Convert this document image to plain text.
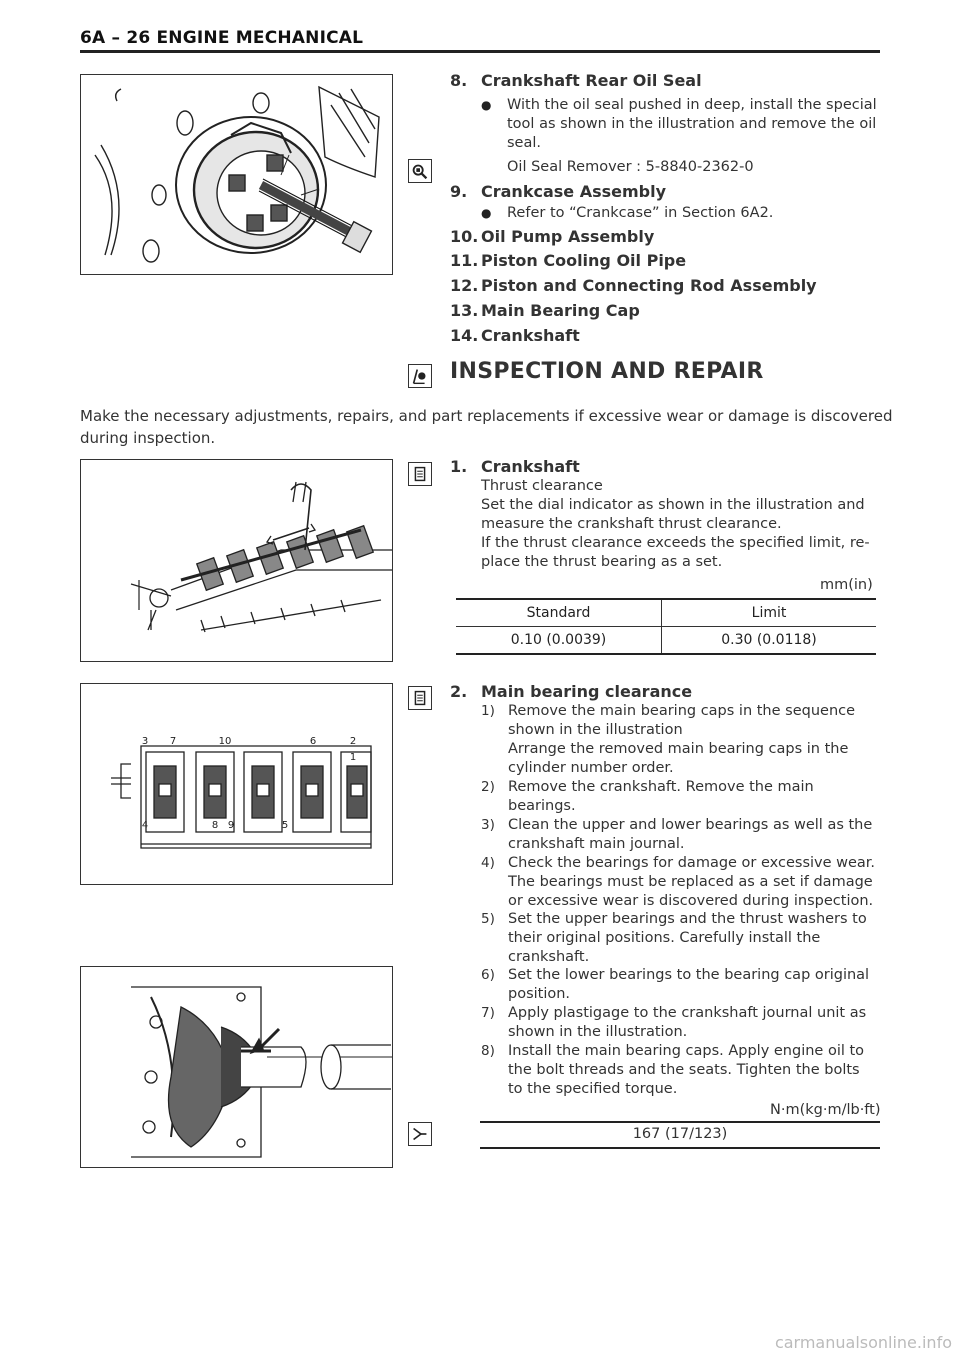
6A – 26 ENGINE MECHANICAL
8. Crankshaft Rear Oil Seal
● With the oil seal pushed in deep, install the special
tool as shown in the illustration and remove the oil
seal.
Oil Seal Remover : 5-8840-2362-0
9. Crankcase Assembly
● Refer to “Crankcase” in Section 6A2.
10. Oil Pump Assembly
11. Piston Cooling Oil Pipe
12. Piston and Connecting Rod Assembly
13. Main Bearing Cap
14. Crankshaft
INSPECTION AND REPAIR
Make the necessary adjustments, repairs, and part replacements if excessive wear or damage is discovered
during inspection.
1. Crankshaft
Thrust clearance
Set the dial indicator as shown in the illustration and
measure the crankshaft thrust clearance.
If the thrust clearance exceeds the specified limit, re-
place the thrust bearing as a set.
mm(in)
Standard	Limit
0.10 (0.0039)	0.30 (0.0118)
1
2
3
4	5
6
7
8 9
10
2. Main bearing clearance
1) Remove the main bearing caps in the sequence
shown in the illustration
Arrange the removed main bearing caps in the
cylinder number order.
2) Remove the crankshaft. Remove the main
bearings.
3) Clean the upper and lower bearings as well as the
crankshaft main journal.
4) Check the bearings for damage or excessive wear.
The bearings must be replaced as a set if damage
or excessive wear is discovered during inspection.
5) Set the upper bearings and the thrust washers to
their original positions. Carefully install the
crankshaft.
6) Set the lower bearings to the bearing cap original
position.
7) Apply plastigage to the crankshaft journal unit as
shown in the illustration.
8) Install the main bearing caps. Apply engine oil to
the bolt threads and the seats. Tighten the bolts
to the specified torque.
N·m(kg·m/lb·ft)
167 (17/123)
carmanualsonline.info
